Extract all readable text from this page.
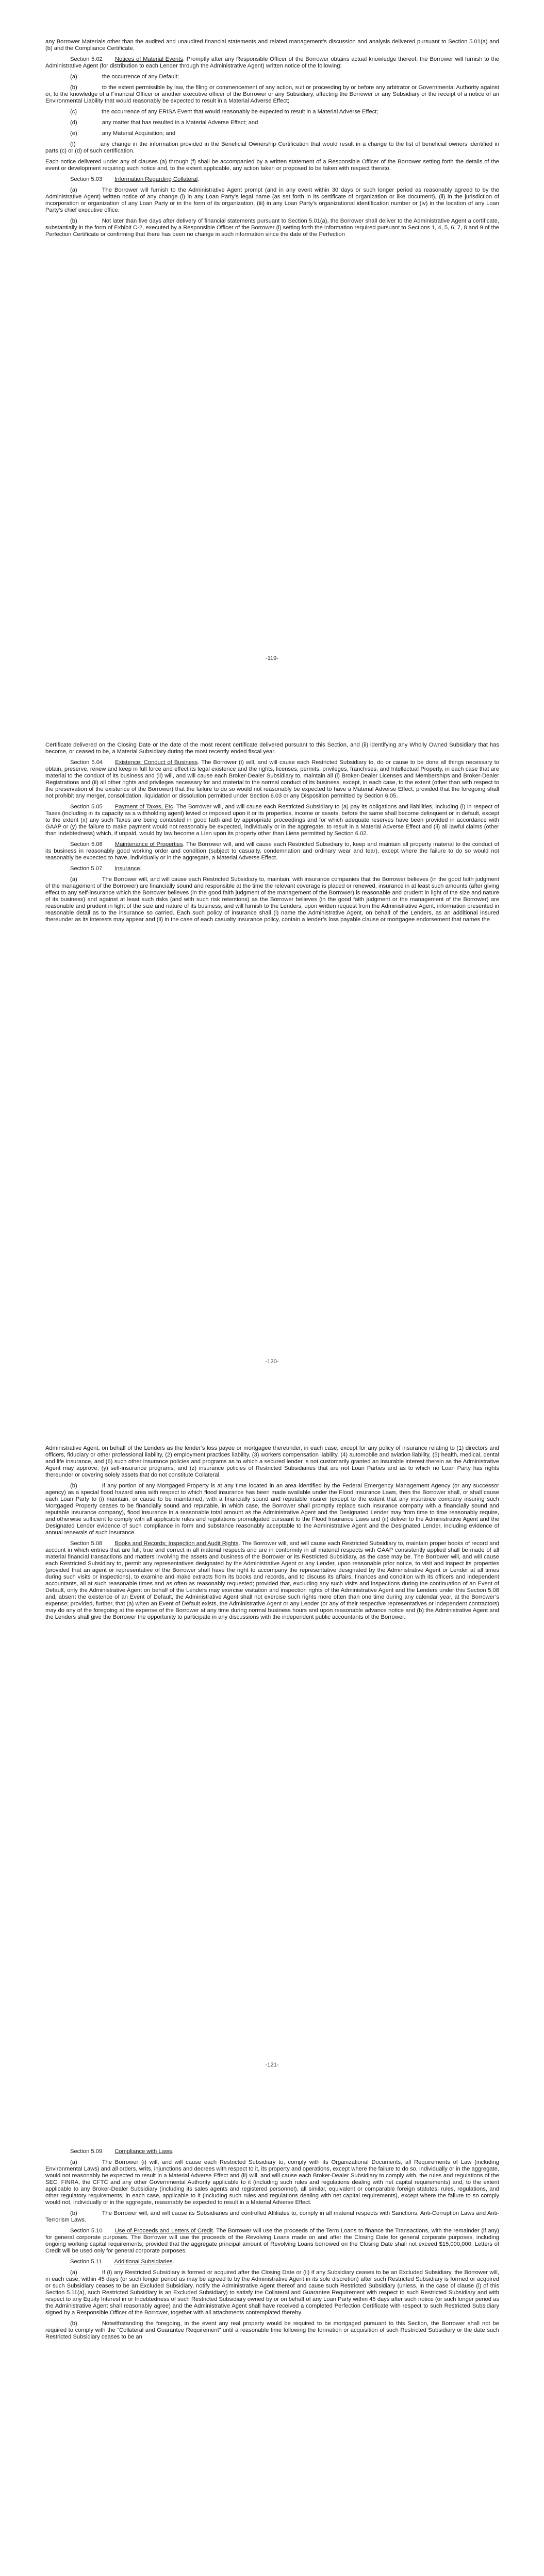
any Borrower Materials other than the audited and unaudited financial statements and related management’s discussion and analysis delivered pursuant to Section 5.01(a) and (b) and the Compliance Certificate.

Section 5.02 Notices of Material Events. Promptly after any Responsible Officer of the Borrower obtains actual knowledge thereof, the Borrower will furnish to the Administrative Agent (for distribution to each Lender through the Administrative Agent) written notice of the following:

(a)	the occurrence of any Default;

(b)	to the extent permissible by law, the filing or commencement of any action, suit or proceeding by or before any arbitrator or Governmental Authority against or, to the knowledge of a Financial Officer or another executive officer of the Borrower or any Subsidiary, affecting the Borrower or any Subsidiary or the receipt of a notice of an Environmental Liability that would reasonably be expected to result in a Material Adverse Effect;

(c)	the occurrence of any ERISA Event that would reasonably be expected to result in a Material Adverse Effect;

(d)	any matter that has resulted in a Material Adverse Effect; and

(e)	any Material Acquisition; and

(f)	any change in the information provided in the Beneficial Ownership Certification that would result in a change to the list of beneficial owners identified in parts (c) or (d) of such certification.

Each notice delivered under any of clauses (a) through (f) shall be accompanied by a written statement of a Responsible Officer of the Borrower setting forth the details of the event or development requiring such notice and, to the extent applicable, any action taken or proposed to be taken with respect thereto.

Section 5.03 Information Regarding Collateral.

(a)	The Borrower will furnish to the Administrative Agent prompt (and in any event within 30 days or such longer period as reasonably agreed to by the Administrative Agent) written notice of any change (i) in any Loan Party’s legal name (as set forth in its certificate of organization or like document), (ii) in the jurisdiction of incorporation or organization of any Loan Party or in the form of its organization, (iii) in any Loan Party’s organizational identification number or (iv) in the location of any Loan Party’s chief executive office.

(b)	Not later than five days after delivery of financial statements pursuant to Section 5.01(a), the Borrower shall deliver to the Administrative Agent a certificate, substantially in the form of Exhibit C-2, executed by a Responsible Officer of the Borrower (i) setting forth the information required pursuant to Sections 1, 4, 5, 6, 7, 8 and 9 of the Perfection Certificate or confirming that there has been no change in such information since the date of the Perfection

-119-

Certificate delivered on the Closing Date or the date of the most recent certificate delivered pursuant to this Section, and (ii) identifying any Wholly Owned Subsidiary that has become, or ceased to be, a Material Subsidiary during the most recently ended fiscal year.

Section 5.04 Existence; Conduct of Business. The Borrower (i) will, and will cause each Restricted Subsidiary to, do or cause to be done all things necessary to obtain, preserve, renew and keep in full force and effect its legal existence and the rights, licenses, permits, privileges, franchises, and Intellectual Property, in each case that are material to the conduct of its business and (ii) will, and will cause each Broker-Dealer Subsidiary to, maintain all (i) Broker-Dealer Licenses and Memberships and Broker-Dealer Registrations and (ii) all other rights and privileges necessary for and material to the normal conduct of its business, except, in each case, to the extent (other than with respect to the preservation of the existence of the Borrower) that the failure to do so would not reasonably be expected to have a Material Adverse Effect; provided that the foregoing shall not prohibit any merger, consolidation, liquidation or dissolution permitted under Section 6.03 or any Disposition permitted by Section 6.05.

Section 5.05 Payment of Taxes, Etc. The Borrower will, and will cause each Restricted Subsidiary to (a) pay its obligations and liabilities, including (i) in respect of Taxes (including in its capacity as a withholding agent) levied or imposed upon it or its properties, income or assets, before the same shall become delinquent or in default, except to the extent (x) any such Taxes are being contested in good faith and by appropriate proceedings and for which adequate reserves have been provided in accordance with GAAP or (y) the failure to make payment would not reasonably be expected, individually or in the aggregate, to result in a Material Adverse Effect and (ii) all lawful claims (other than Indebtedness) which, if unpaid, would by law become a Lien upon its property other than Liens permitted by Section 6.02.

Section 5.06 Maintenance of Properties. The Borrower will, and will cause each Restricted Subsidiary to, keep and maintain all property material to the conduct of its business in reasonably good working order and condition (subject to casualty, condemnation and ordinary wear and tear), except where the failure to do so would not reasonably be expected to have, individually or in the aggregate, a Material Adverse Effect.

Section 5.07 Insurance.

(a)	The Borrower will, and will cause each Restricted Subsidiary to, maintain, with insurance companies that the Borrower believes (in the good faith judgment of the management of the Borrower) are financially sound and responsible at the time the relevant coverage is placed or renewed, insurance in at least such amounts (after giving effect to any self-insurance which the Borrower believes (in the good faith judgment of the management of the Borrower) is reasonable and prudent in light of the size and nature of its business) and against at least such risks (and with such risk retentions) as the Borrower believes (in the good faith judgment or the management of the Borrower) are reasonable and prudent in light of the size and nature of its business, and will furnish to the Lenders, upon written request from the Administrative Agent, information presented in reasonable detail as to the insurance so carried. Each such policy of insurance shall (i) name the Administrative Agent, on behalf of the Lenders, as an additional insured thereunder as its interests may appear and (ii) in the case of each casualty insurance policy, contain a lender’s loss payable clause or mortgagee endorsement that names the

-120-

Administrative Agent, on behalf of the Lenders as the lender’s loss payee or mortgagee thereunder, in each case, except for any policy of insurance relating to (1) directors and officers, fiduciary or other professional liability, (2) employment practices liability, (3) workers compensation liability, (4) automobile and aviation liability, (5) health, medical, dental and life insurance, and (6) such other insurance policies and programs as to which a secured lender is not customarily granted an insurable interest therein as the Administrative Agent may approve; (y) self-insurance programs; and (z) insurance policies of Restricted Subsidiaries that are not Loan Parties and as to which no Loan Party has rights thereunder or covering solely assets that do not constitute Collateral.

(b)	If any portion of any Mortgaged Property is at any time located in an area identified by the Federal Emergency Management Agency (or any successor agency) as a special flood hazard area with respect to which flood insurance has been made available under the Flood Insurance Laws, then the Borrower shall, or shall cause each Loan Party to (i) maintain, or cause to be maintained, with a financially sound and reputable insurer (except to the extent that any insurance company insuring such Mortgaged Property ceases to be financially sound and reputable, in which case, the Borrower shall promptly replace such insurance company with a financially sound and reputable insurance company), flood insurance in a reasonable total amount as the Administrative Agent and the Designated Lender may from time to time reasonably require, and otherwise sufficient to comply with all applicable rules and regulations promulgated pursuant to the Flood Insurance Laws and (ii) deliver to the Administrative Agent and the Designated Lender evidence of such compliance in form and substance reasonably acceptable to the Administrative Agent and the Designated Lender, including evidence of annual renewals of such insurance.

Section 5.08 Books and Records; Inspection and Audit Rights. The Borrower will, and will cause each Restricted Subsidiary to, maintain proper books of record and account in which entries that are full, true and correct in all material respects and are in conformity in all material respects with GAAP consistently applied shall be made of all material financial transactions and matters involving the assets and business of the Borrower or its Restricted Subsidiary, as the case may be. The Borrower will, and will cause each Restricted Subsidiary to, permit any representatives designated by the Administrative Agent or any Lender, upon reasonable prior notice, to visit and inspect its properties (provided that an agent or representative of the Borrower shall have the right to accompany the representative designated by the Administrative Agent or Lender at all times during such visits or inspections), to examine and make extracts from its books and records, and to discuss its affairs, finances and condition with its officers and independent accountants, all at such reasonable times and as often as reasonably requested; provided that, excluding any such visits and inspections during the continuation of an Event of Default, only the Administrative Agent on behalf of the Lenders may exercise visitation and inspection rights of the Administrative Agent and the Lenders under this Section 5.08 and, absent the existence of an Event of Default, the Administrative Agent shall not exercise such rights more often than one time during any calendar year, at the Borrower’s expense; provided, further, that (a) when an Event of Default exists, the Administrative Agent or any Lender (or any of their respective representatives or independent contractors) may do any of the foregoing at the expense of the Borrower at any time during normal business hours and upon reasonable advance notice and (b) the Administrative Agent and the Lenders shall give the Borrower the opportunity to participate in any discussions with the independent public accountants of the Borrower.

-121-

Section 5.09 Compliance with Laws.

(a)	The Borrower (i) will, and will cause each Restricted Subsidiary to, comply with its Organizational Documents, all Requirements of Law (including Environmental Laws) and all orders, writs, injunctions and decrees with respect to it, its property and operations, except where the failure to do so, individually or in the aggregate, would not reasonably be expected to result in a Material Adverse Effect and (ii) will, and will cause each Broker-Dealer Subsidiary to comply with, the rules and regulations of the SEC, FINRA, the CFTC and any other Governmental Authority applicable to it (including such rules and regulations dealing with net capital requirements) and, to the extent applicable to any Broker-Dealer Subsidiary (including its sales agents and registered personnel), all similar, equivalent or comparable foreign statutes, rules, regulations, and other regulatory requirements, in each case, applicable to it (including such rules and regulations dealing with net capital requirements), except where the failure to so comply would not, individually or in the aggregate, reasonably be expected to result in a Material Adverse Effect.

(b)	The Borrower will, and will cause its Subsidiaries and controlled Affiliates to, comply in all material respects with Sanctions, Anti-Corruption Laws and Anti-Terrorism Laws.

Section 5.10 Use of Proceeds and Letters of Credit. The Borrower will use the proceeds of the Term Loans to finance the Transactions, with the remainder (if any) for general corporate purposes. The Borrower will use the proceeds of the Revolving Loans made on and after the Closing Date for general corporate purposes, including ongoing working capital requirements; provided that the aggregate principal amount of Revolving Loans borrowed on the Closing Date shall not exceed $15,000,000. Letters of Credit will be used only for general corporate purposes.

Section 5.11 Additional Subsidiaries.

(a)	If (i) any Restricted Subsidiary is formed or acquired after the Closing Date or (ii) if any Subsidiary ceases to be an Excluded Subsidiary, the Borrower will, in each case, within 45 days (or such longer period as may be agreed to by the Administrative Agent in its sole discretion) after such Restricted Subsidiary is formed or acquired or such Subsidiary ceases to be an Excluded Subsidiary, notify the Administrative Agent thereof and cause such Restricted Subsidiary (unless, in the case of clause (i) of this Section 5.11(a), such Restricted Subsidiary is an Excluded Subsidiary) to satisfy the Collateral and Guarantee Requirement with respect to such Restricted Subsidiary and with respect to any Equity Interest in or Indebtedness of such Restricted Subsidiary owned by or on behalf of any Loan Party within 45 days after such notice (or such longer period as the Administrative Agent shall reasonably agree) and the Administrative Agent shall have received a completed Perfection Certificate with respect to such Restricted Subsidiary signed by a Responsible Officer of the Borrower, together with all attachments contemplated thereby.

(b)	Notwithstanding the foregoing, in the event any real property would be required to be mortgaged pursuant to this Section, the Borrower shall not be required to comply with the “Collateral and Guarantee Requirement” until a reasonable time following the formation or acquisition of such Restricted Subsidiary or the date such Restricted Subsidiary ceases to be an
